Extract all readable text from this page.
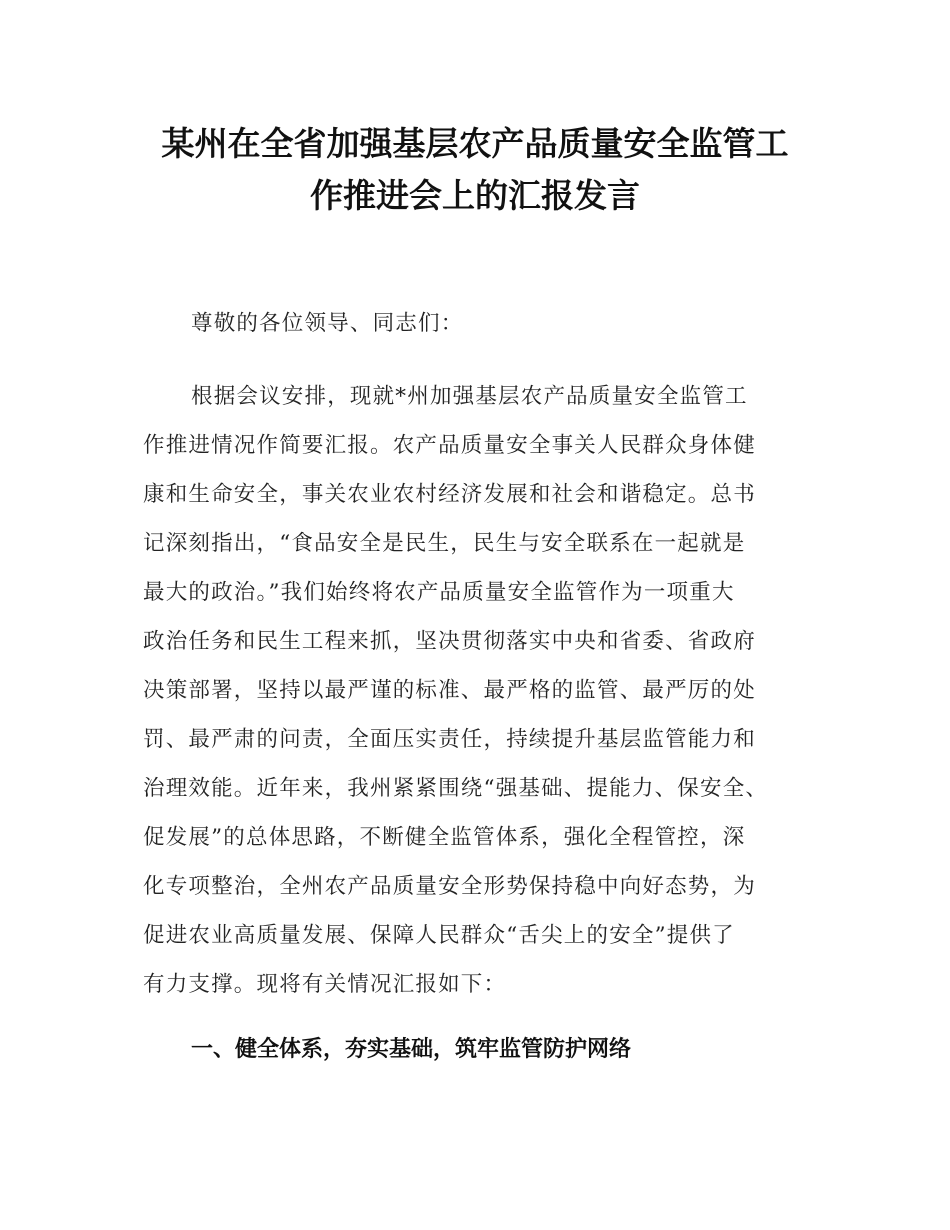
某州在全省加强基层农产品质量安全监管工
作推进会上的汇报发言
尊敬的各位领导、同志们：
根据会议安排，现就*州加强基层农产品质量安全监管工
作推进情况作简要汇报。农产品质量安全事关人民群众身体健
康和生命安全，事关农业农村经济发展和社会和谐稳定。总书
记深刻指出，“食品安全是民生，民生与安全联系在一起就是
最大的政治。”我们始终将农产品质量安全监管作为一项重大
政治任务和民生工程来抓，坚决贯彻落实中央和省委、省政府
决策部署，坚持以最严谨的标准、最严格的监管、最严厉的处
罚、最严肃的问责，全面压实责任，持续提升基层监管能力和
治理效能。近年来，我州紧紧围绕“强基础、提能力、保安全、
促发展”的总体思路，不断健全监管体系，强化全程管控，深
化专项整治，全州农产品质量安全形势保持稳中向好态势，为
促进农业高质量发展、保障人民群众“舌尖上的安全”提供了
有力支撑。现将有关情况汇报如下：
一、健全体系，夯实基础，筑牢监管防护网络
